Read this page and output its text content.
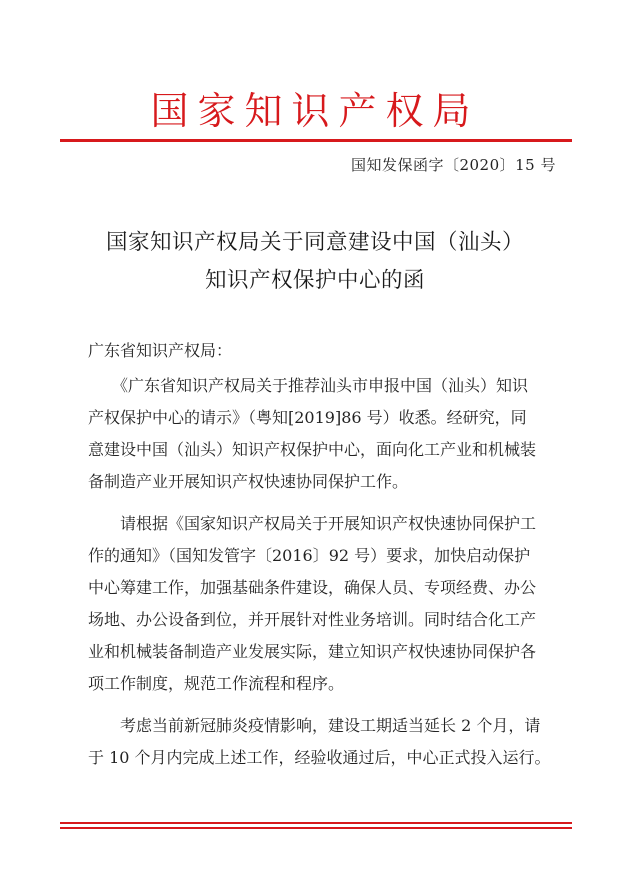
国家知识产权局
国知发保函字〔2020〕15 号
国家知识产权局关于同意建设中国（汕头）
知识产权保护中心的函
广东省知识产权局：
　　《广东省知识产权局关于推荐汕头市申报中国（汕头）知识
产权保护中心的请示》（粤知[2019]86 号）收悉。经研究，同
意建设中国（汕头）知识产权保护中心，面向化工产业和机械装
备制造产业开展知识产权快速协同保护工作。
　　请根据《国家知识产权局关于开展知识产权快速协同保护工
作的通知》（国知发管字〔2016〕92 号）要求，加快启动保护
中心筹建工作，加强基础条件建设，确保人员、专项经费、办公
场地、办公设备到位，并开展针对性业务培训。同时结合化工产
业和机械装备制造产业发展实际，建立知识产权快速协同保护各
项工作制度，规范工作流程和程序。
　　考虑当前新冠肺炎疫情影响，建设工期适当延长 2 个月，请
于 10 个月内完成上述工作，经验收通过后，中心正式投入运行。
